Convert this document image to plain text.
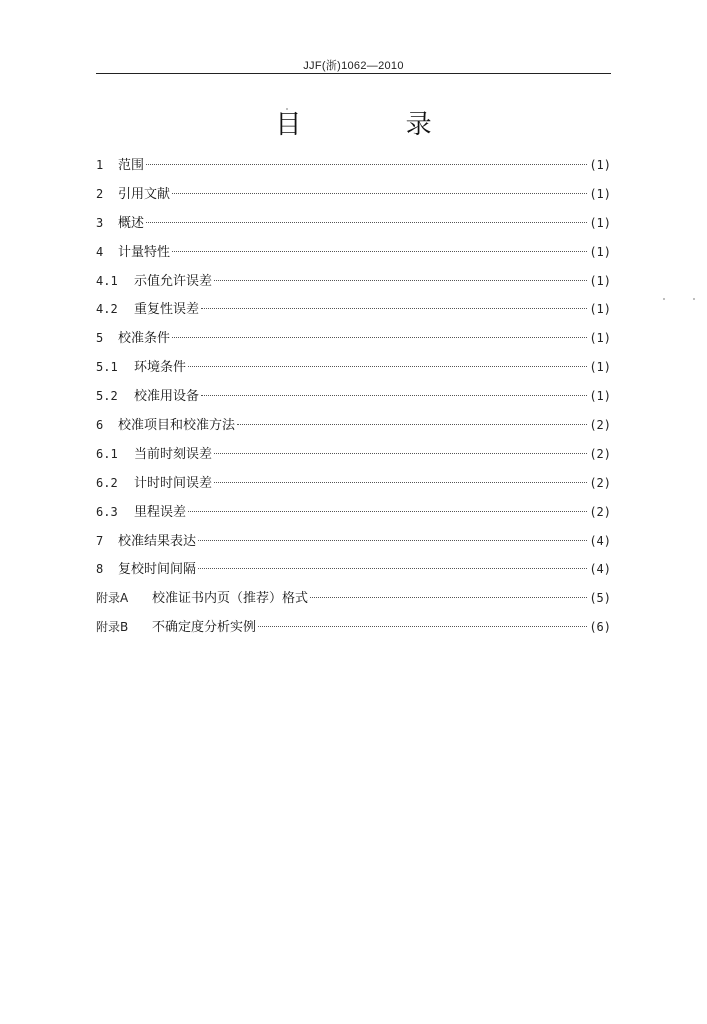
JJF(浙)1062—2010
目 录
1	范围	(1)
2	引用文献	(1)
3	概述	(1)
4	计量特性	(1)
4.1	示值允许误差	(1)
4.2	重复性误差	(1)
5	校准条件	(1)
5.1	环境条件	(1)
5.2	校准用设备	(1)
6	校准项目和校准方法	(2)
6.1	当前时刻误差	(2)
6.2	计时时间误差	(2)
6.3	里程误差	(2)
7	校准结果表达	(4)
8	复校时间间隔	(4)
附录A	校准证书内页（推荐）格式	(5)
附录B	不确定度分析实例	(6)
